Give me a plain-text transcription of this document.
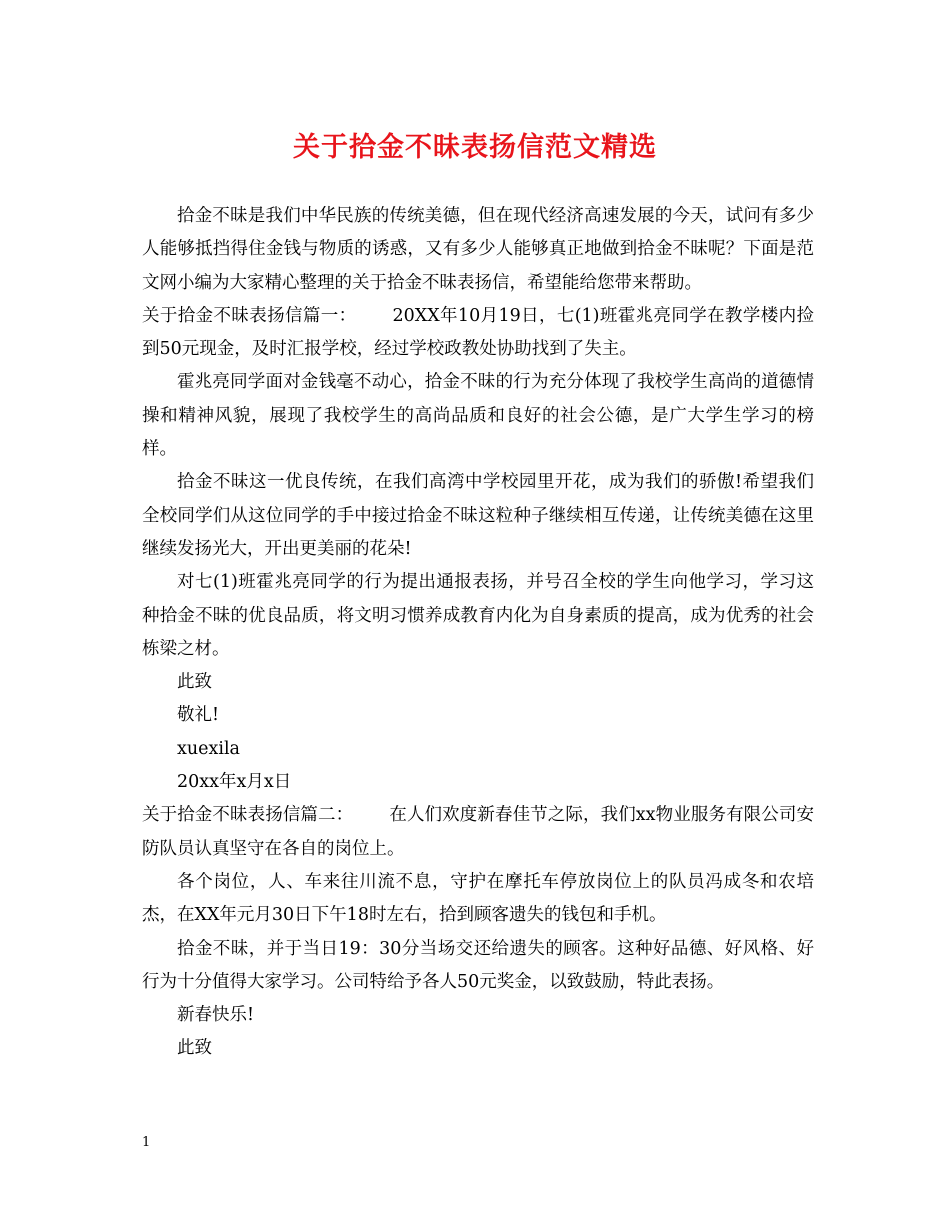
关于拾金不昧表扬信范文精选

拾金不昧是我们中华民族的传统美德，但在现代经济高速发展的今天，试问有多少人能够抵挡得住金钱与物质的诱惑，又有多少人能够真正地做到拾金不昧呢？下面是范文网小编为大家精心整理的关于拾金不昧表扬信，希望能给您带来帮助。

关于拾金不昧表扬信篇一： 20XX年10月19日，七(1)班霍兆亮同学在教学楼内捡到50元现金，及时汇报学校，经过学校政教处协助找到了失主。

霍兆亮同学面对金钱毫不动心，拾金不昧的行为充分体现了我校学生高尚的道德情操和精神风貌，展现了我校学生的高尚品质和良好的社会公德，是广大学生学习的榜样。

拾金不昧这一优良传统，在我们高湾中学校园里开花，成为我们的骄傲!希望我们全校同学们从这位同学的手中接过拾金不昧这粒种子继续相互传递，让传统美德在这里继续发扬光大，开出更美丽的花朵!

对七(1)班霍兆亮同学的行为提出通报表扬，并号召全校的学生向他学习，学习这种拾金不昧的优良品质，将文明习惯养成教育内化为自身素质的提高，成为优秀的社会栋梁之材。

此致

敬礼!

xuexila

20xx年x月x日

关于拾金不昧表扬信篇二： 在人们欢度新春佳节之际，我们xx物业服务有限公司安防队员认真坚守在各自的岗位上。

各个岗位，人、车来往川流不息，守护在摩托车停放岗位上的队员冯成冬和农培杰，在XX年元月30日下午18时左右，拾到顾客遗失的钱包和手机。

拾金不昧，并于当日19：30分当场交还给遗失的顾客。这种好品德、好风格、好行为十分值得大家学习。公司特给予各人50元奖金，以致鼓励，特此表扬。

新春快乐!

此致

1
